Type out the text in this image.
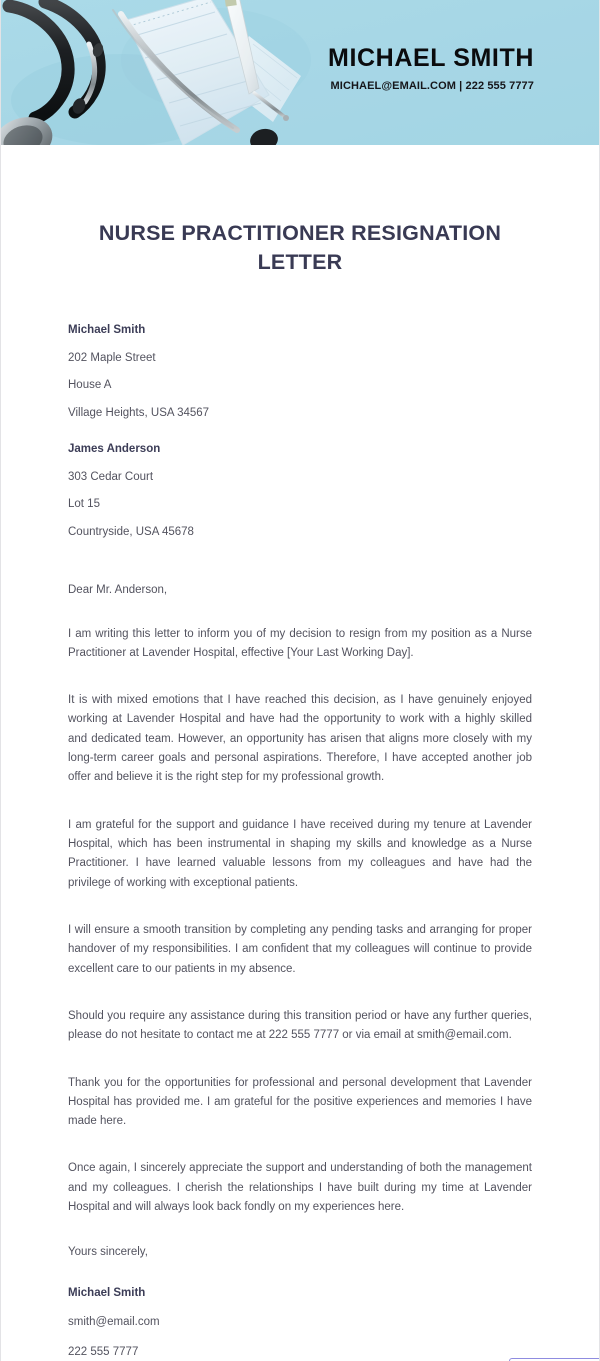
MICHAEL SMITH
MICHAEL@EMAIL.COM | 222 555 7777
NURSE PRACTITIONER RESIGNATION LETTER
Michael Smith
202 Maple Street
House A
Village Heights, USA 34567
James Anderson
303 Cedar Court
Lot 15
Countryside, USA 45678
Dear Mr. Anderson,

I am writing this letter to inform you of my decision to resign from my position as a Nurse Practitioner at Lavender Hospital, effective [Your Last Working Day].

It is with mixed emotions that I have reached this decision, as I have genuinely enjoyed working at Lavender Hospital and have had the opportunity to work with a highly skilled and dedicated team. However, an opportunity has arisen that aligns more closely with my long-term career goals and personal aspirations. Therefore, I have accepted another job offer and believe it is the right step for my professional growth.

I am grateful for the support and guidance I have received during my tenure at Lavender Hospital, which has been instrumental in shaping my skills and knowledge as a Nurse Practitioner. I have learned valuable lessons from my colleagues and have had the privilege of working with exceptional patients.

I will ensure a smooth transition by completing any pending tasks and arranging for proper handover of my responsibilities. I am confident that my colleagues will continue to provide excellent care to our patients in my absence.

Should you require any assistance during this transition period or have any further queries, please do not hesitate to contact me at 222 555 7777 or via email at smith@email.com.

Thank you for the opportunities for professional and personal development that Lavender Hospital has provided me. I am grateful for the positive experiences and memories I have made here.

Once again, I sincerely appreciate the support and understanding of both the management and my colleagues. I cherish the relationships I have built during my time at Lavender Hospital and will always look back fondly on my experiences here.

Yours sincerely,
Michael Smith
smith@email.com
222 555 7777
